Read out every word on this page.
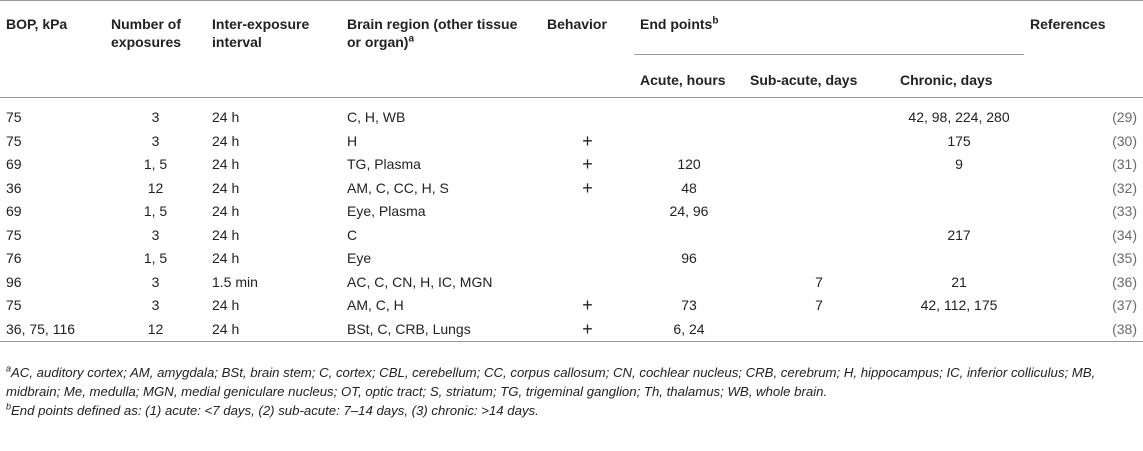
BOP, kPa	Number of exposures	Inter-exposure interval	Brain region (other tissue or organ)$^a$	Behavior	End points$^b$			References
					Acute, hours	Sub-acute, days	Chronic, days	
75	3	24 h	C, H, WB				42, 98, 224, 280	(29)
75	3	24 h	H	+			175	(30)
69	1, 5	24 h	TG, Plasma	+	120		9	(31)
36	12	24 h	AM, C, CC, H, S	+	48			(32)
69	1, 5	24 h	Eye, Plasma		24, 96			(33)
75	3	24 h	C				217	(34)
76	1, 5	24 h	Eye		96			(35)
96	3	1.5 min	AC, C, CN, H, IC, MGN			7	21	(36)
75	3	24 h	AM, C, H	+	73	7	42, 112, 175	(37)
36, 75, 116	12	24 h	BSt, C, CRB, Lungs	+	6, 24			(38)

$^a$AC, auditory cortex; AM, amygdala; BSt, brain stem; C, cortex; CBL, cerebellum; CC, corpus callosum; CN, cochlear nucleus; CRB, cerebrum; H, hippocampus; IC, inferior colliculus; MB, midbrain; Me, medulla; MGN, medial geniculare nucleus; OT, optic tract; S, striatum; TG, trigeminal ganglion; Th, thalamus; WB, whole brain.

$^b$End points defined as: (1) acute: <7 days, (2) sub-acute: 7–14 days, (3) chronic: >14 days.
